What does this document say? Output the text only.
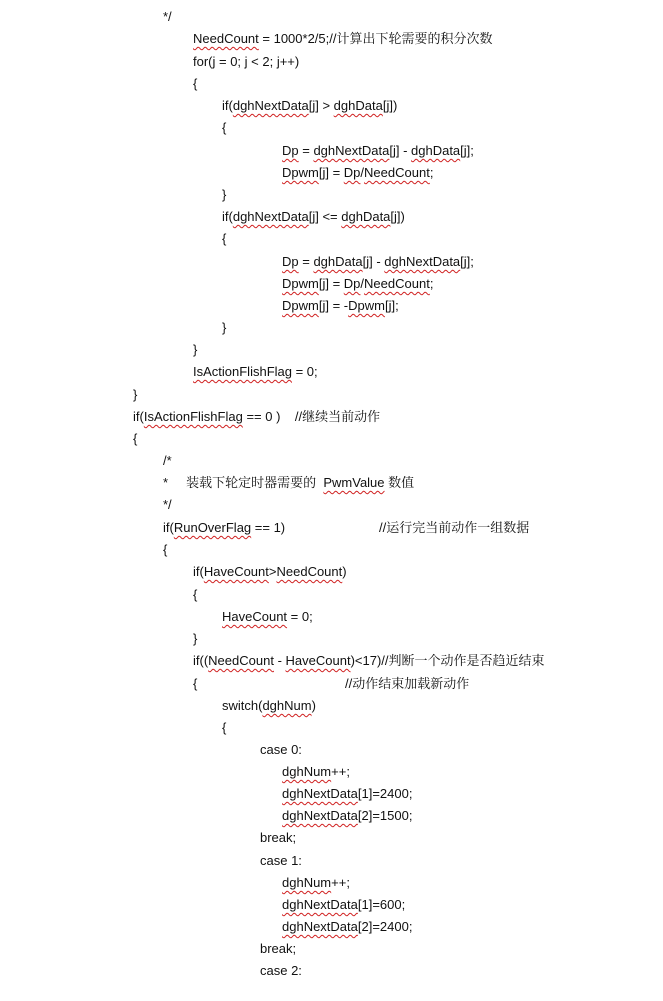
*/
NeedCount = 1000*2/5;//计算出下轮需要的积分次数
for(j = 0; j < 2; j++)
{
if(dghNextData[j] > dghData[j])
{
Dp = dghNextData[j] - dghData[j];
Dpwm[j] = Dp/NeedCount;
}
if(dghNextData[j] <= dghData[j])
{
Dp = dghData[j] - dghNextData[j];
Dpwm[j] = Dp/NeedCount;
Dpwm[j] = -Dpwm[j];
}
}
IsActionFlishFlag = 0;
}
if(IsActionFlishFlag == 0 )    //继续当前动作
{
/*
*     装载下轮定时器需要的  PwmValue 数值
*/
if(RunOverFlag == 1)
{
if(HaveCount>NeedCount)
{
HaveCount = 0;
}
if((NeedCount - HaveCount)<17)//判断一个动作是否趋近结束
{
switch(dghNum)
{
case 0:
dghNum++;
dghNextData[1]=2400;
dghNextData[2]=1500;
break;
case 1:
dghNum++;
dghNextData[1]=600;
dghNextData[2]=2400;
break;
case 2:
//运行完当前动作一组数据
//动作结束加载新动作
